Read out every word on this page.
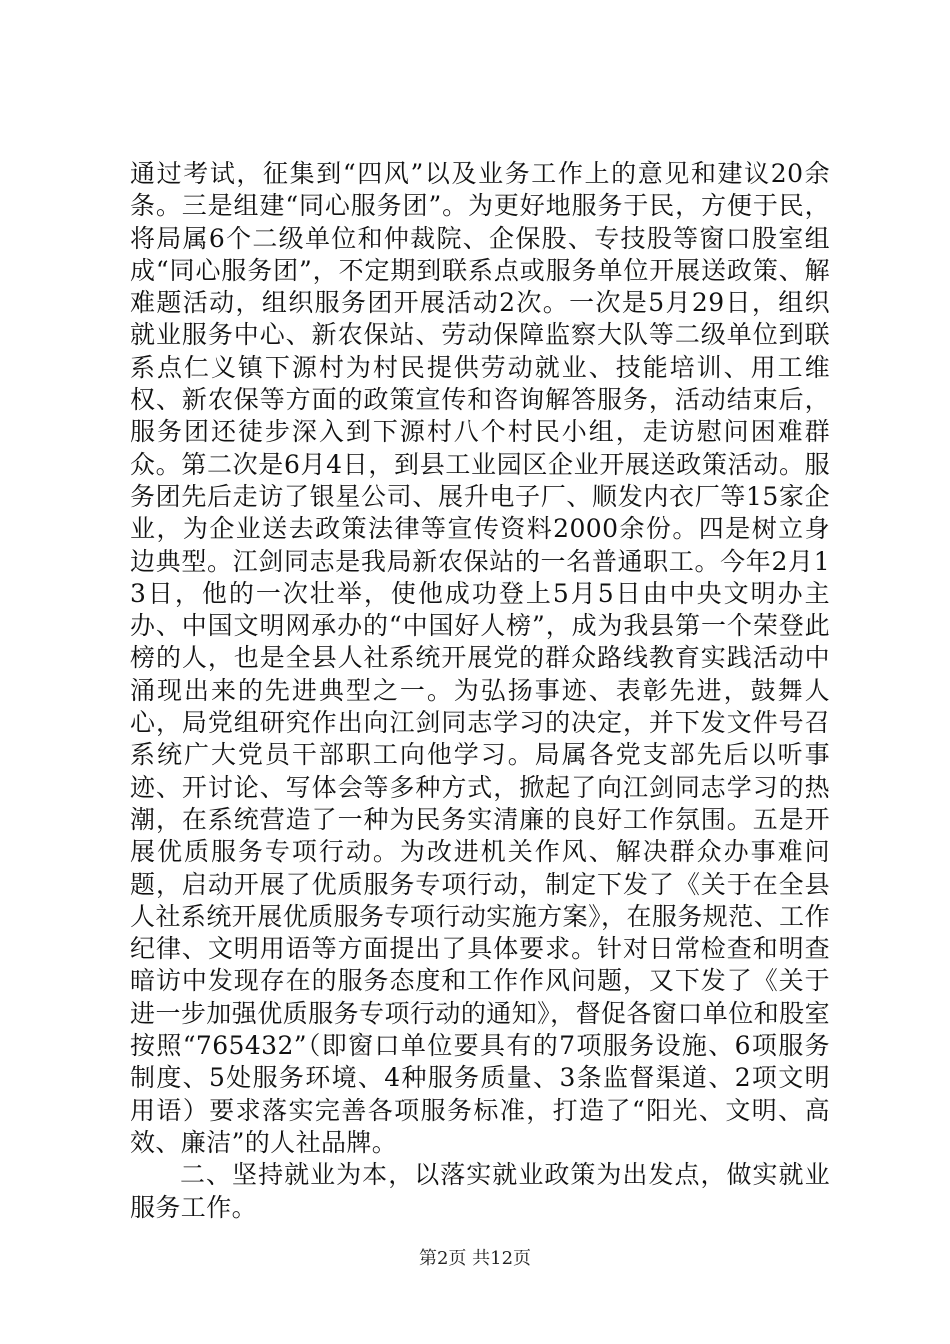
通过考试，征集到“四风”以及业务工作上的意见和建议20余条。三是组建“同心服务团”。为更好地服务于民，方便于民，将局属6个二级单位和仲裁院、企保股、专技股等窗口股室组成“同心服务团”，不定期到联系点或服务单位开展送政策、解难题活动，组织服务团开展活动2次。一次是5月29日，组织就业服务中心、新农保站、劳动保障监察大队等二级单位到联系点仁义镇下源村为村民提供劳动就业、技能培训、用工维权、新农保等方面的政策宣传和咨询解答服务，活动结束后，服务团还徒步深入到下源村八个村民小组，走访慰问困难群众。第二次是6月4日，到县工业园区企业开展送政策活动。服务团先后走访了银星公司、展升电子厂、顺发内衣厂等15家企业，为企业送去政策法律等宣传资料2000余份。四是树立身边典型。江剑同志是我局新农保站的一名普通职工。今年2月13日，他的一次壮举，使他成功登上5月5日由中央文明办主办、中国文明网承办的“中国好人榜”，成为我县第一个荣登此榜的人，也是全县人社系统开展党的群众路线教育实践活动中涌现出来的先进典型之一。为弘扬事迹、表彰先进，鼓舞人心，局党组研究作出向江剑同志学习的决定，并下发文件号召系统广大党员干部职工向他学习。局属各党支部先后以听事迹、开讨论、写体会等多种方式，掀起了向江剑同志学习的热潮，在系统营造了一种为民务实清廉的良好工作氛围。五是开展优质服务专项行动。为改进机关作风、解决群众办事难问题，启动开展了优质服务专项行动，制定下发了《关于在全县人社系统开展优质服务专项行动实施方案》，在服务规范、工作纪律、文明用语等方面提出了具体要求。针对日常检查和明查暗访中发现存在的服务态度和工作作风问题，又下发了《关于进一步加强优质服务专项行动的通知》，督促各窗口单位和股室按照“765432”（即窗口单位要具有的7项服务设施、6项服务制度、5处服务环境、4种服务质量、3条监督渠道、2项文明用语）要求落实完善各项服务标准，打造了“阳光、文明、高效、廉洁”的人社品牌。

二、坚持就业为本，以落实就业政策为出发点，做实就业服务工作。

第2页 共12页
